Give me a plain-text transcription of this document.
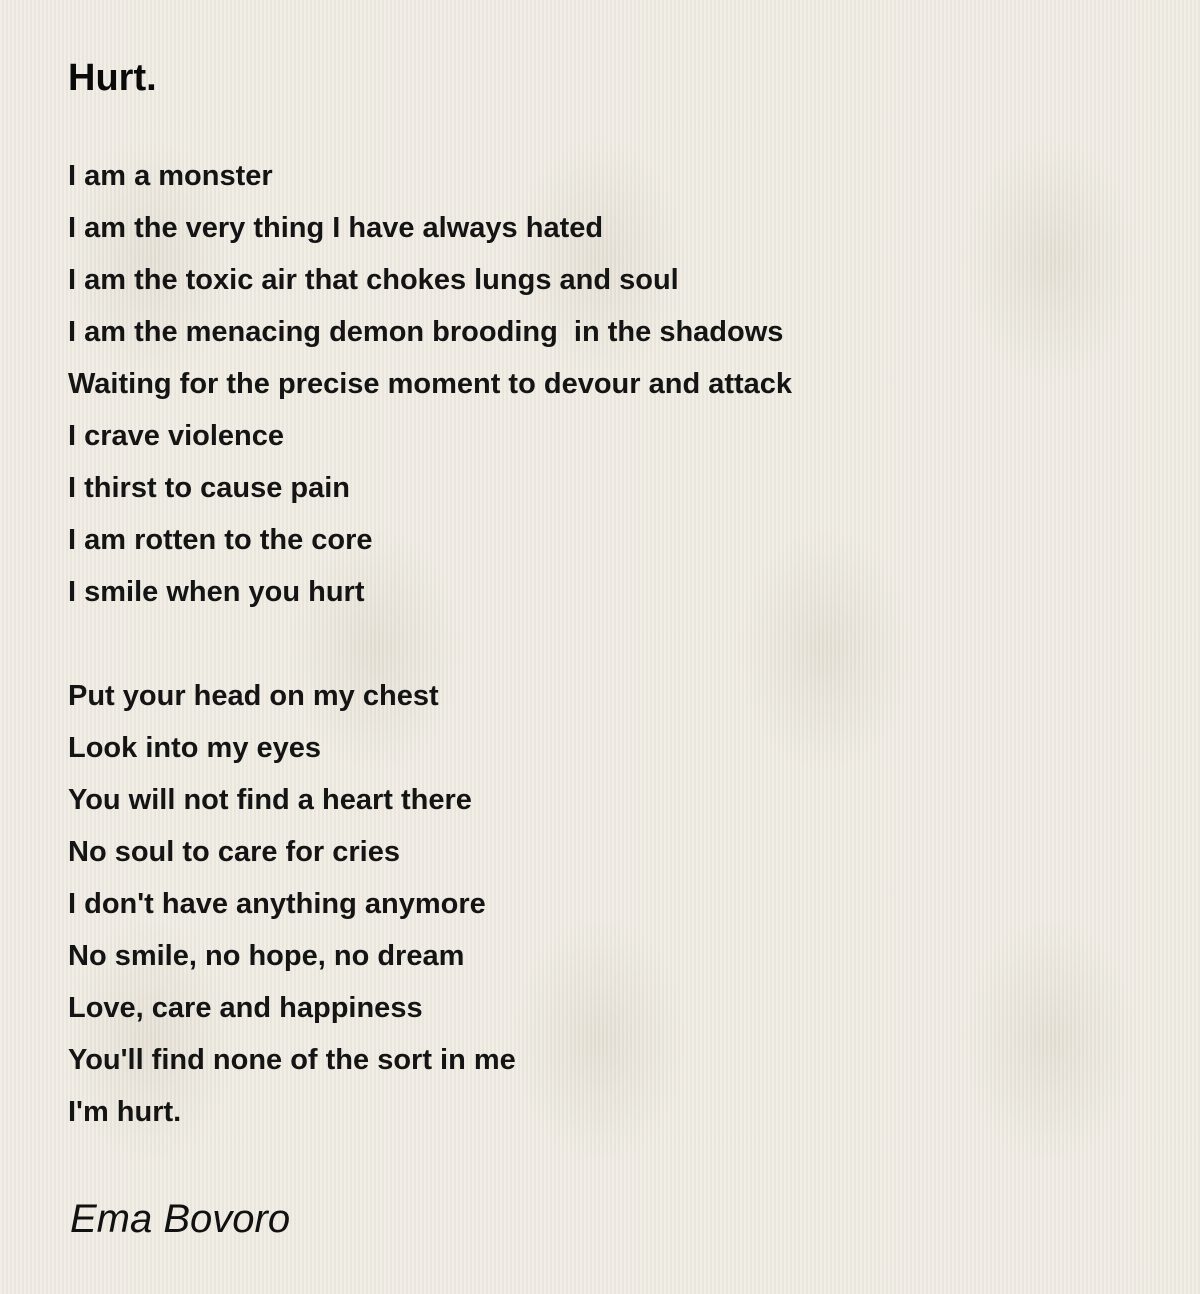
Hurt.
I am a monster
I am the very thing I have always hated
I am the toxic air that chokes lungs and soul
I am the menacing demon brooding  in the shadows
Waiting for the precise moment to devour and attack
I crave violence
I thirst to cause pain
I am rotten to the core
I smile when you hurt
Put your head on my chest
Look into my eyes
You will not find a heart there
No soul to care for cries
I don't have anything anymore
No smile, no hope, no dream
Love, care and happiness
You'll find none of the sort in me
I'm hurt.
Ema Bovoro
